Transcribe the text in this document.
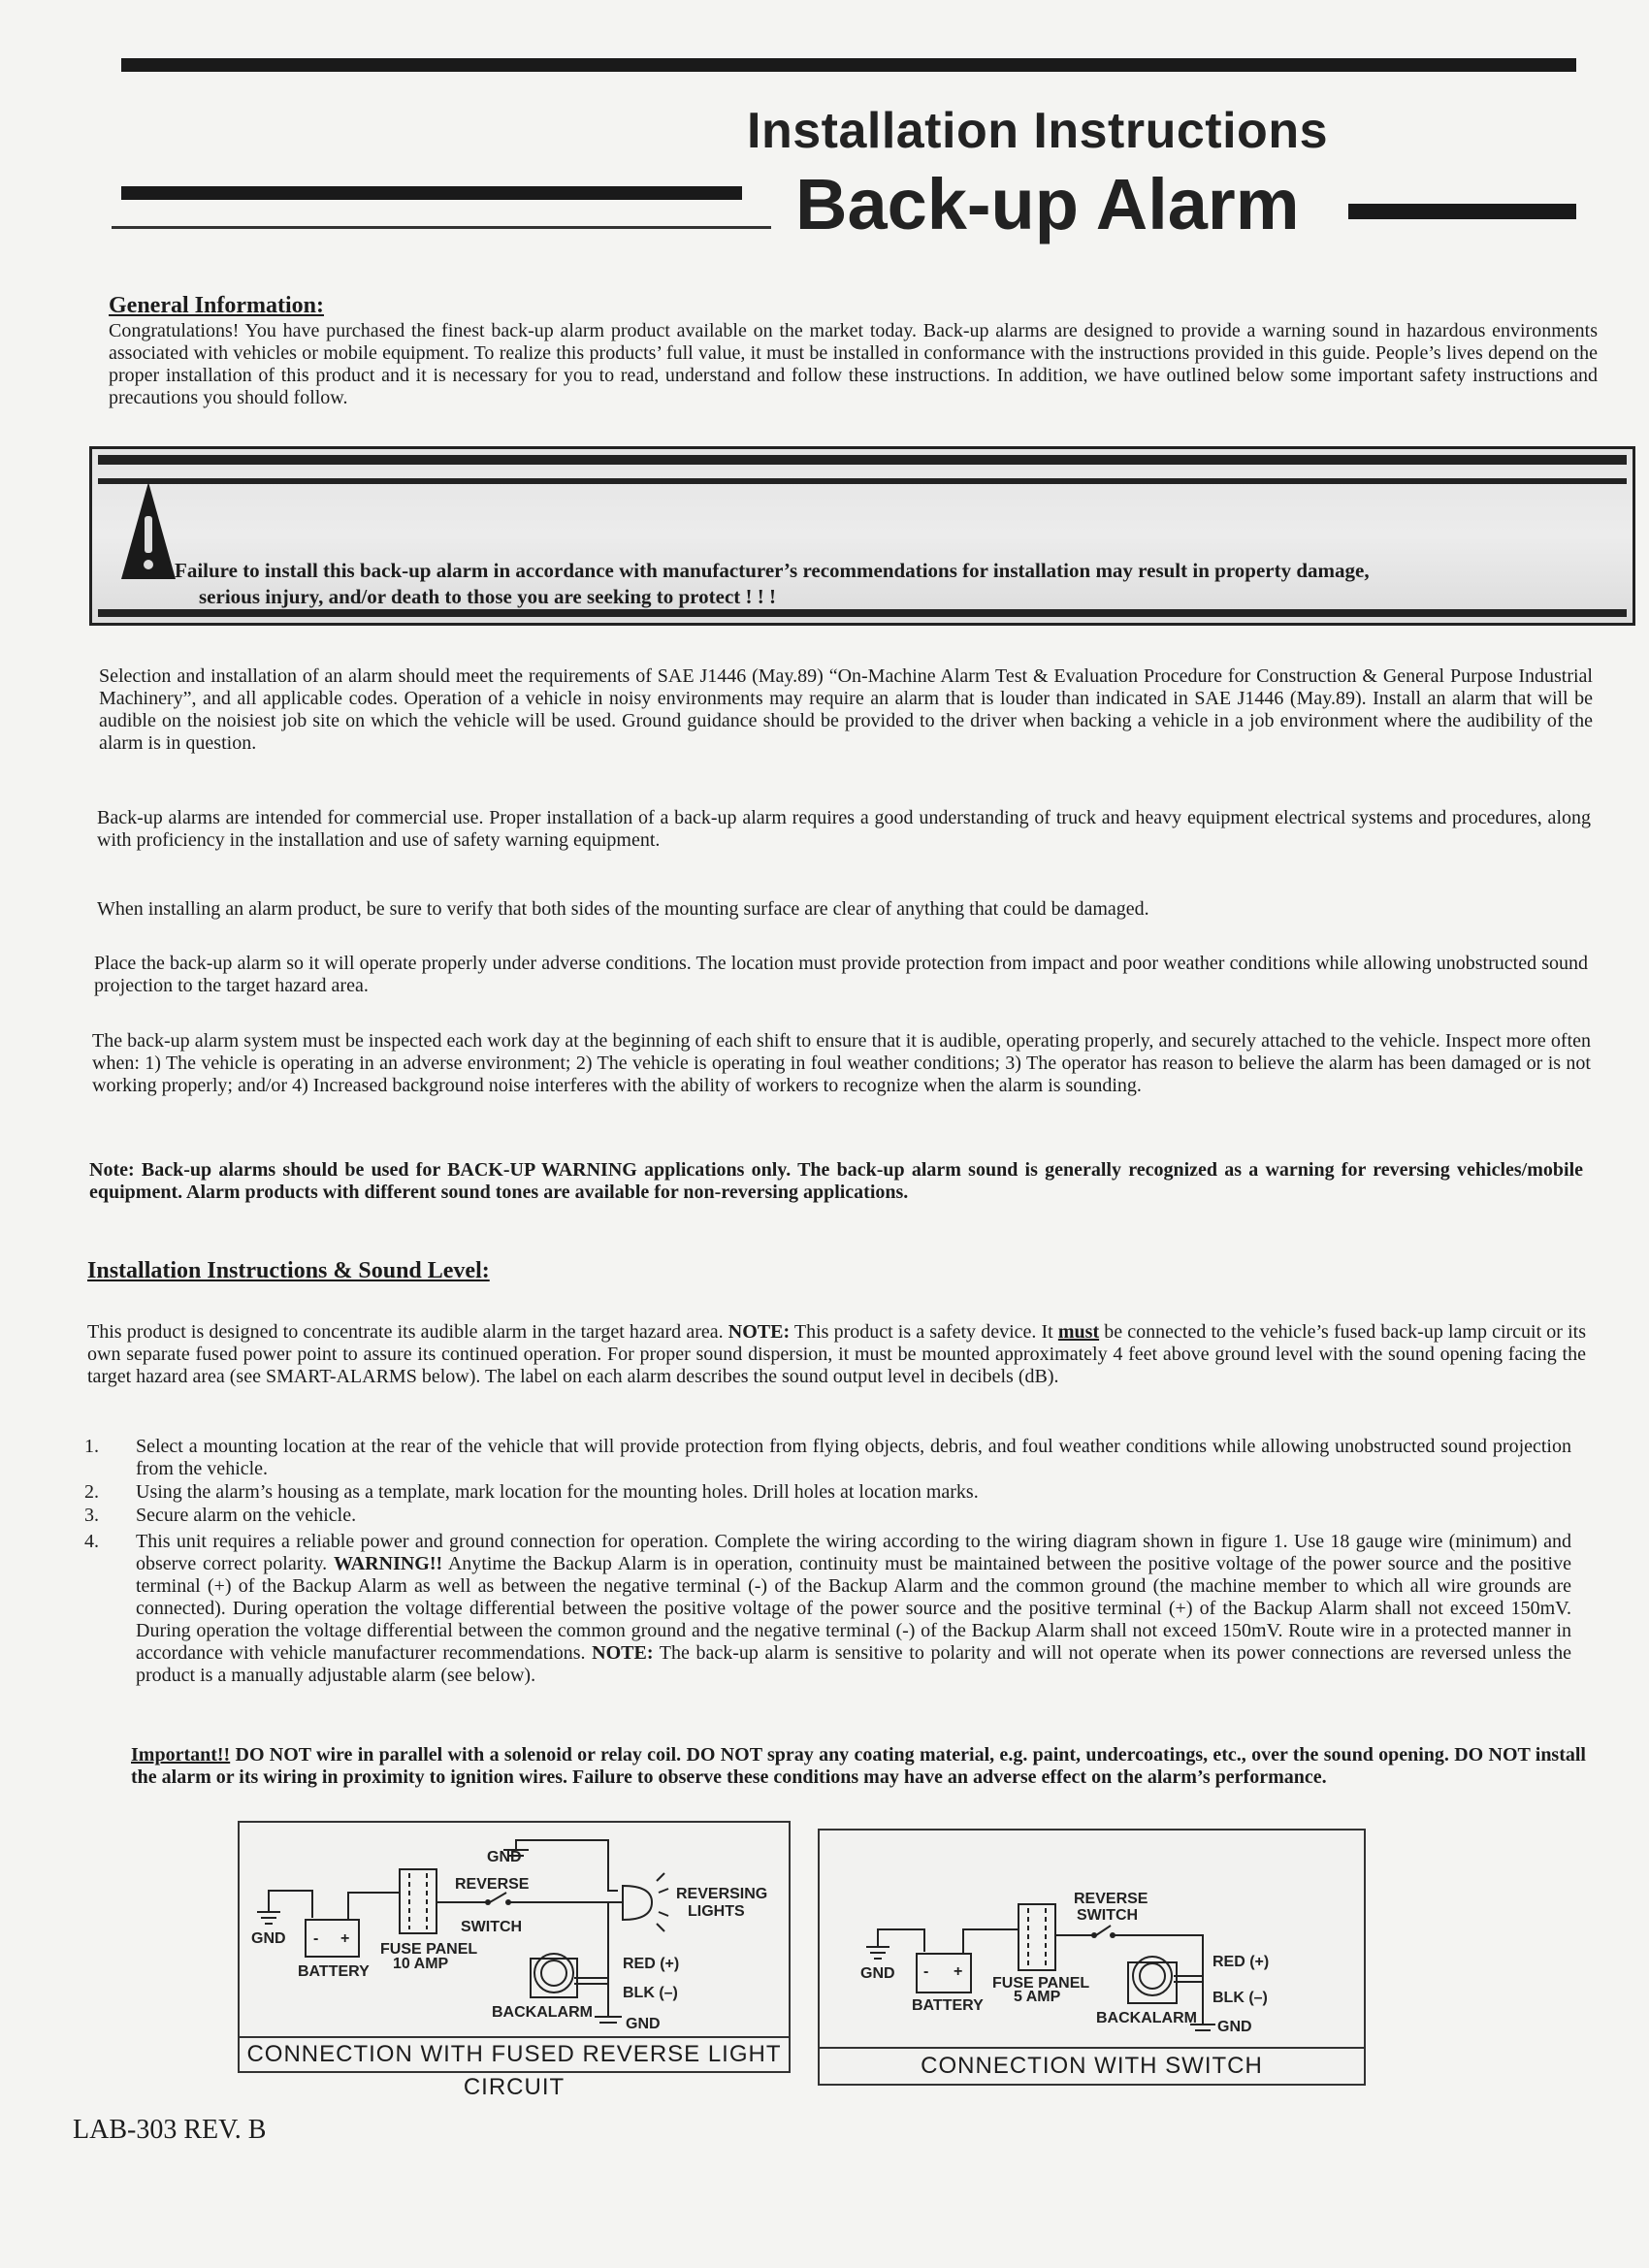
Installation Instructions
Back-up Alarm
General Information:
Congratulations! You have purchased the finest back-up alarm product available on the market today. Back-up alarms are designed to provide a warning sound in hazardous environments associated with vehicles or mobile equipment. To realize this products’ full value, it must be installed in conformance with the instructions provided in this guide. People’s lives depend on the proper installation of this product and it is necessary for you to read, understand and follow these instructions. In addition, we have outlined below some important safety instructions and precautions you should follow.
Failure to install this back-up alarm in accordance with manufacturer’s recommendations for installation may result in property damage,
serious injury, and/or death to those you are seeking to protect ! ! !
Selection and installation of an alarm should meet the requirements of SAE J1446 (May.89) “On-Machine Alarm Test & Evaluation Procedure for Construction & General Purpose Industrial Machinery”, and all applicable codes. Operation of a vehicle in noisy environments may require an alarm that is louder than indicated in SAE J1446 (May.89). Install an alarm that will be audible on the noisiest job site on which the vehicle will be used. Ground guidance should be provided to the driver when backing a vehicle in a job environment where the audibility of the alarm is in question.
Back-up alarms are intended for commercial use. Proper installation of a back-up alarm requires a good understanding of truck and heavy equipment electrical systems and procedures, along with proficiency in the installation and use of safety warning equipment.
When installing an alarm product, be sure to verify that both sides of the mounting surface are clear of anything that could be damaged.
Place the back-up alarm so it will operate properly under adverse conditions. The location must provide protection from impact and poor weather conditions while allowing unobstructed sound projection to the target hazard area.
The back-up alarm system must be inspected each work day at the beginning of each shift to ensure that it is audible, operating properly, and securely attached to the vehicle. Inspect more often when: 1) The vehicle is operating in an adverse environment; 2) The vehicle is operating in foul weather conditions; 3) The operator has reason to believe the alarm has been damaged or is not working properly; and/or 4) Increased background noise interferes with the ability of workers to recognize when the alarm is sounding.
Note: Back-up alarms should be used for BACK-UP WARNING applications only. The back-up alarm sound is generally recognized as a warning for reversing vehicles/mobile equipment. Alarm products with different sound tones are available for non-reversing applications.
Installation Instructions & Sound Level:
This product is designed to concentrate its audible alarm in the target hazard area. NOTE: This product is a safety device. It must be connected to the vehicle’s fused back-up lamp circuit or its own separate fused power point to assure its continued operation. For proper sound dispersion, it must be mounted approximately 4 feet above ground level with the sound opening facing the target hazard area (see SMART-ALARMS below). The label on each alarm describes the sound output level in decibels (dB).
1. Select a mounting location at the rear of the vehicle that will provide protection from flying objects, debris, and foul weather conditions while allowing unobstructed sound projection from the vehicle.
2. Using the alarm’s housing as a template, mark location for the mounting holes. Drill holes at location marks.
3. Secure alarm on the vehicle.
4. This unit requires a reliable power and ground connection for operation. Complete the wiring according to the wiring diagram shown in figure 1. Use 18 gauge wire (minimum) and observe correct polarity. WARNING!! Anytime the Backup Alarm is in operation, continuity must be maintained between the positive voltage of the power source and the positive terminal (+) of the Backup Alarm as well as between the negative terminal (-) of the Backup Alarm and the common ground (the machine member to which all wire grounds are connected). During operation the voltage differential between the positive voltage of the power source and the positive terminal (+) of the Backup Alarm shall not exceed 150mV. During operation the voltage differential between the common ground and the negative terminal (-) of the Backup Alarm shall not exceed 150mV. Route wire in a protected manner in accordance with vehicle manufacturer recommendations. NOTE: The back-up alarm is sensitive to polarity and will not operate when its power connections are reversed unless the product is a manually adjustable alarm (see below).
Important!! DO NOT wire in parallel with a solenoid or relay coil. DO NOT spray any coating material, e.g. paint, undercoatings, etc., over the sound opening. DO NOT install the alarm or its wiring in proximity to ignition wires. Failure to observe these conditions may have an adverse effect on the alarm’s performance.
GND
REVERSE
SWITCH
REVERSING
LIGHTS
GND - +
BATTERY
FUSE PANEL
10 AMP	RED (+)
BLK (–)
BACKALARM
GND
CONNECTION WITH FUSED REVERSE LIGHT CIRCUIT
REVERSE
SWITCH
GND - +
BATTERY
FUSE PANEL
5 AMP
RED (+)
BLK (–)
BACKALARM
GND
CONNECTION WITH SWITCH
LAB-303 REV. B
